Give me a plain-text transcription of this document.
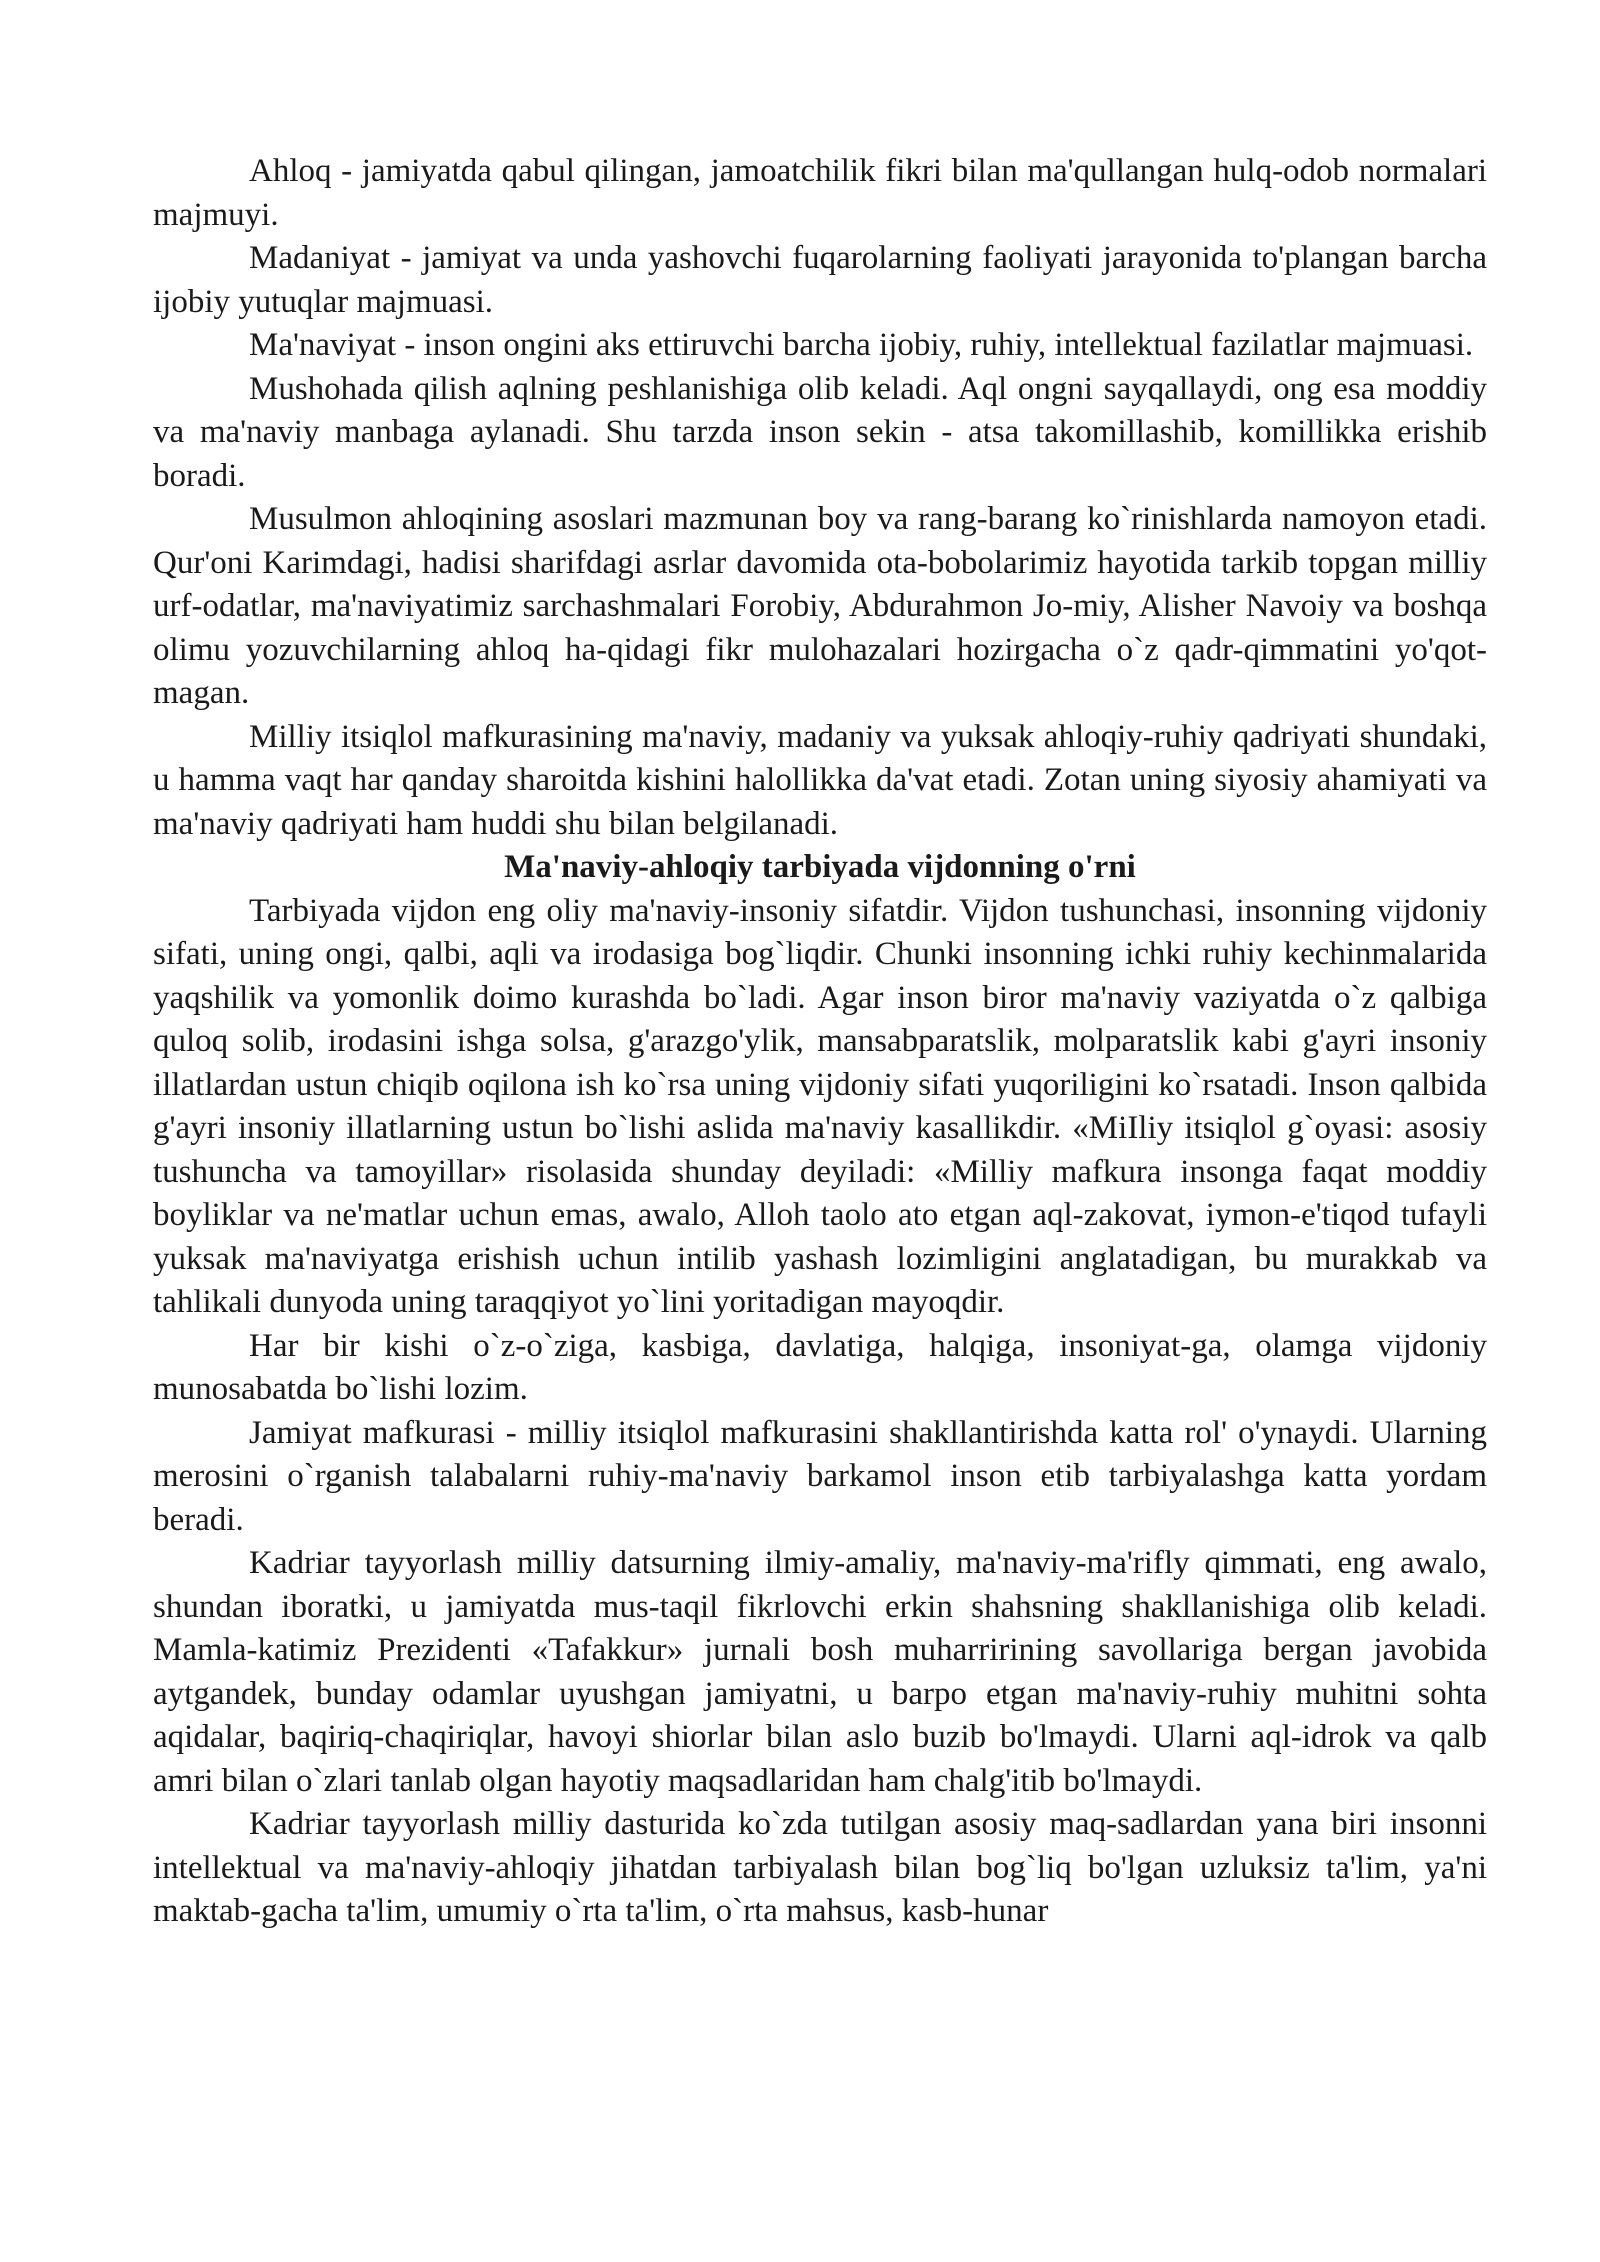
Ahloq - jamiyatda qabul qilingan, jamoatchilik fikri bilan ma'qullangan hulq-odob normalari majmuyi.

Madaniyat - jamiyat va unda yashovchi fuqarolarning faoliyati jarayonida to'plangan barcha ijobiy yutuqlar majmuasi.

Ma'naviyat - inson ongini aks ettiruvchi barcha ijobiy, ruhiy, intellektual fazilatlar majmuasi.

Mushohada qilish aqlning peshlanishiga olib keladi. Aql ongni sayqallaydi, ong esa moddiy va ma'naviy manbaga aylanadi. Shu tarzda inson sekin - atsa takomillashib, komillikka erishib boradi.

Musulmon ahloqining asoslari mazmunan boy va rang-barang ko`rinishlarda namoyon etadi. Qur'oni Karimdagi, hadisi sharifdagi asrlar davomida ota-bobolarimiz hayotida tarkib topgan milliy urf-odatlar, ma'naviyatimiz sarchashmalari Forobiy, Abdurahmon Jo-miy, Alisher Navoiy va boshqa olimu yozuvchilarning ahloq ha-qidagi fikr mulohazalari hozirgacha o`z qadr-qimmatini yo'qot-magan.

Milliy itsiqlol mafkurasining ma'naviy, madaniy va yuksak ahloqiy-ruhiy qadriyati shundaki, u hamma vaqt har qanday sharoitda kishini halollikka da'vat etadi. Zotan uning siyosiy ahamiyati va ma'naviy qadriyati ham huddi shu bilan belgilanadi.

Ma'naviy-ahloqiy tarbiyada vijdonning o'rni

Tarbiyada vijdon eng oliy ma'naviy-insoniy sifatdir. Vijdon tushunchasi, insonning vijdoniy sifati, uning ongi, qalbi, aqli va irodasiga bog`liqdir. Chunki insonning ichki ruhiy kechinmalarida yaqshilik va yomonlik doimo kurashda bo`ladi. Agar inson biror ma'naviy vaziyatda o`z qalbiga quloq solib, irodasini ishga solsa, g'arazgo'ylik, mansabparatslik, molparatslik kabi g'ayri insoniy illatlardan ustun chiqib oqilona ish ko`rsa uning vijdoniy sifati yuqoriligini ko`rsatadi. Inson qalbida g'ayri insoniy illatlarning ustun bo`lishi aslida ma'naviy kasallikdir. «MiIliy itsiqlol g`oyasi: asosiy tushuncha va tamoyillar» risolasida shunday deyiladi: «Milliy mafkura insonga faqat moddiy boyliklar va ne'matlar uchun emas, awalo, Alloh taolo ato etgan aql-zakovat, iymon-e'tiqod tufayli yuksak ma'naviyatga erishish uchun intilib yashash lozimligini anglatadigan, bu murakkab va tahlikali dunyoda uning taraqqiyot yo`lini yoritadigan mayoqdir.

Har bir kishi o`z-o`ziga, kasbiga, davlatiga, halqiga, insoniyat-ga, olamga vijdoniy munosabatda bo`lishi lozim.

Jamiyat mafkurasi - milliy itsiqlol mafkurasini shakllantirishda katta rol' o'ynaydi. Ularning merosini o`rganish talabalarni ruhiy-ma'naviy barkamol inson etib tarbiyalashga katta yordam beradi.

Kadriar tayyorlash milliy datsurning ilmiy-amaliy, ma'naviy-ma'rifly qimmati, eng awalo, shundan iboratki, u jamiyatda mus-taqil fikrlovchi erkin shahsning shakllanishiga olib keladi. Mamla-katimiz Prezidenti «Tafakkur» jurnali bosh muharririning savollariga bergan javobida aytgandek, bunday odamlar uyushgan jamiyatni, u barpo etgan ma'naviy-ruhiy muhitni sohta aqidalar, baqiriq-chaqiriqlar, havoyi shiorlar bilan aslo buzib bo'lmaydi. Ularni aql-idrok va qalb amri bilan o`zlari tanlab olgan hayotiy maqsadlaridan ham chalg'itib bo'lmaydi.

Kadriar tayyorlash milliy dasturida ko`zda tutilgan asosiy maq-sadlardan yana biri insonni intellektual va ma'naviy-ahloqiy jihatdan tarbiyalash bilan bog`liq bo'lgan uzluksiz ta'lim, ya'ni maktab-gacha ta'lim, umumiy o`rta ta'lim, o`rta mahsus, kasb-hunar
